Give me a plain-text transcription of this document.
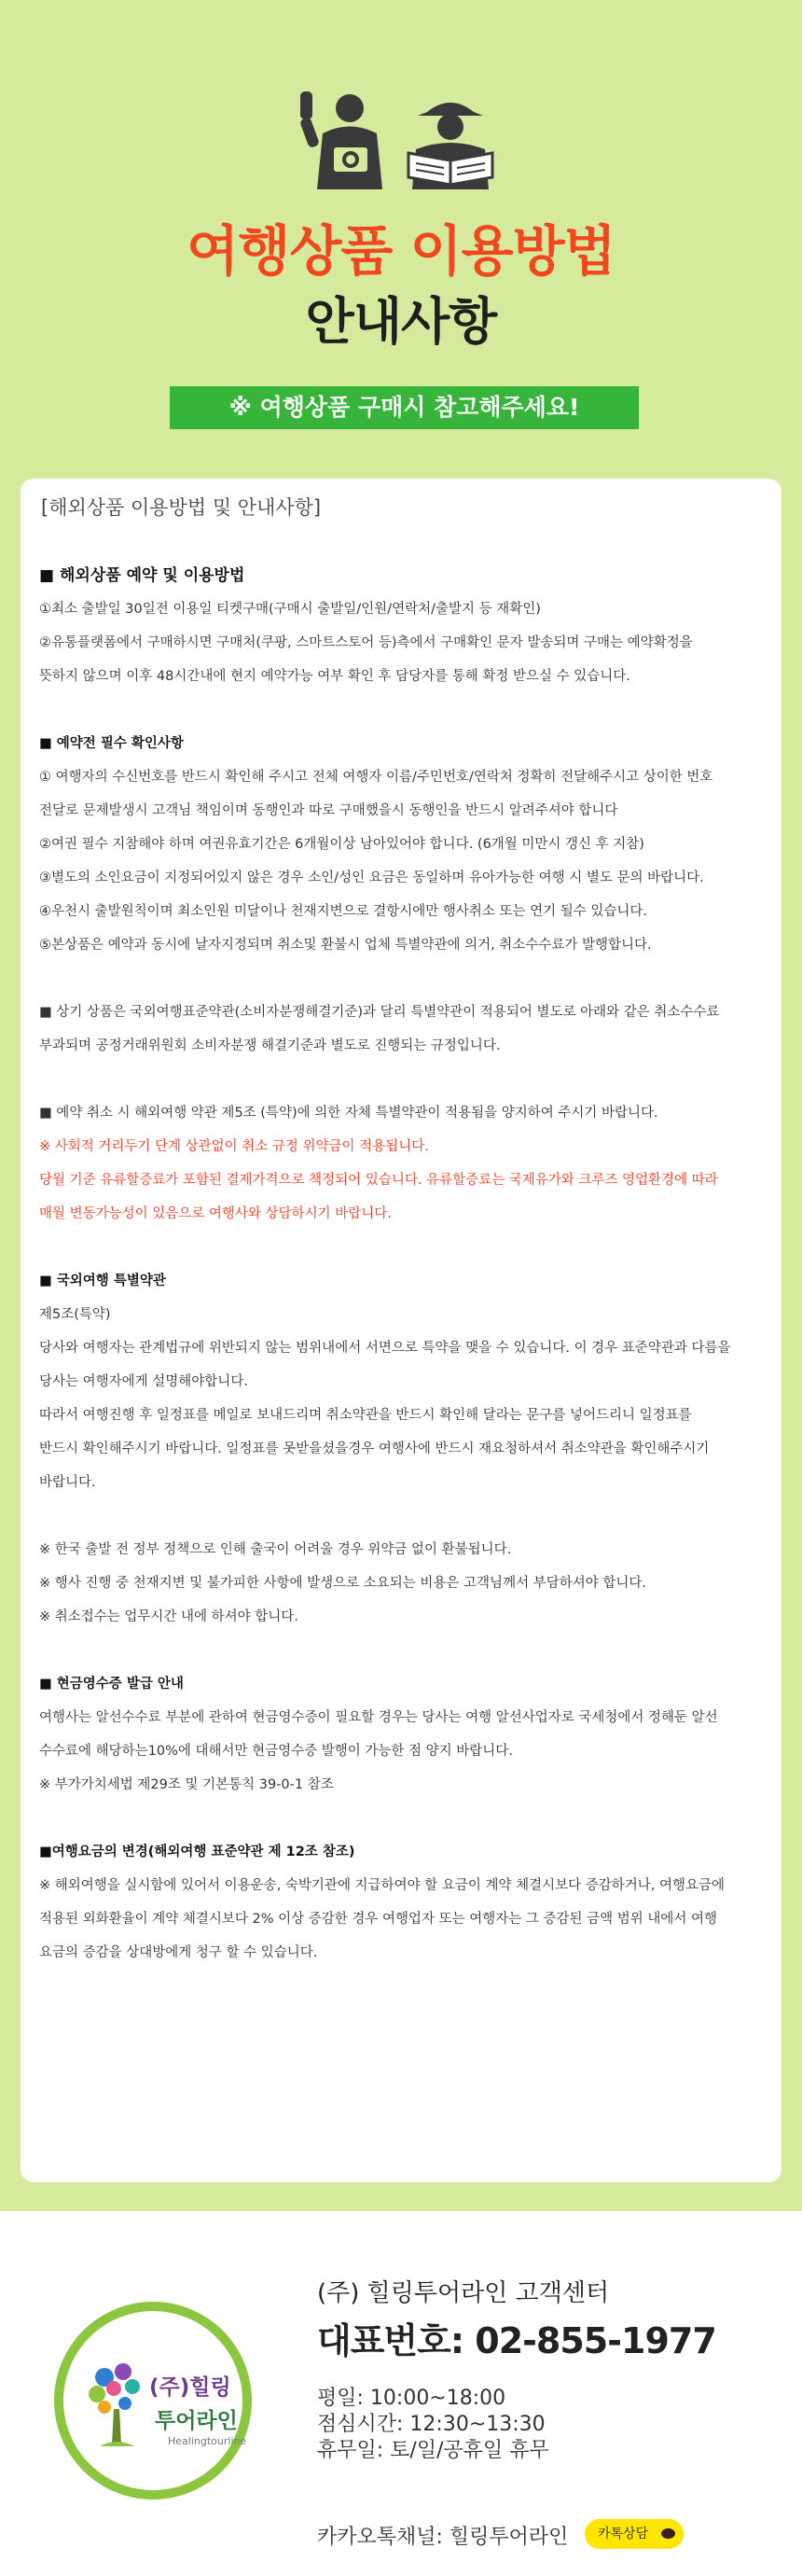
여행상품 이용방법
안내사항
※ 여행상품 구매시 참고해주세요!

[해외상품 이용방법 및 안내사항]

■ 해외상품 예약 및 이용방법

①최소 출발일 30일전 이용일 티켓구매(구매시 출발일/인원/연락처/출발지 등 재확인)

②유통플랫폼에서 구매하시면 구매처(쿠팡, 스마트스토어 등)측에서 구매확인 문자 발송되며 구매는 예약확정을

뜻하지 않으며 이후 48시간내에 현지 예약가능 여부 확인 후 담당자를 통해 확정 받으실 수 있습니다.

■ 예약전 필수 확인사항

① 여행자의 수신번호를 반드시 확인해 주시고 전체 여행자 이름/주민번호/연락처 정확히 전달해주시고 상이한 번호

전달로 문제발생시 고객님 책임이며 동행인과 따로 구매했을시 동행인을 반드시 알려주셔야 합니다

②여권 필수 지참해야 하며 여권유효기간은 6개월이상 남아있어야 합니다. (6개월 미만시 갱신 후 지참)

③별도의 소인요금이 지정되어있지 않은 경우 소인/성인 요금은 동일하며 유아가능한 여행 시 별도 문의 바랍니다.

④우천시 출발원칙이며 최소인원 미달이나 천재지변으로 결항시에만 행사취소 또는 연기 될수 있습니다.

⑤본상품은 예약과 동시에 날자지정되며 취소및 환불시 업체 특별약관에 의거, 취소수수료가 발행합니다.

■ 상기 상품은 국외여행표준약관(소비자분쟁해결기준)과 달리 특별약관이 적용되어 별도로 아래와 같은 취소수수료

부과되며 공정거래위원회 소비자분쟁 해결기준과 별도로 진행되는 규정입니다.

■ 예약 취소 시 해외여행 약관 제5조 (특약)에 의한 자체 특별약관이 적용됨을 양지하여 주시기 바랍니다.

※ 사회적 거리두기 단계 상관없이 취소 규정 위약금이 적용됩니다.

당월 기준 유류할증료가 포함된 결제가격으로 책정되어 있습니다. 유류할증료는 국제유가와 크루즈 영업환경에 따라

매월 변동가능성이 있음으로 여행사와 상담하시기 바랍니다.

■ 국외여행 특별약관

제5조(특약)

당사와 여행자는 관계법규에 위반되지 않는 범위내에서 서면으로 특약을 맺을 수 있습니다. 이 경우 표준약관과 다름을

당사는 여행자에게 설명해야합니다.

따라서 여행진행 후 일정표를 메일로 보내드리며 취소약관을 반드시 확인해 달라는 문구를 넣어드리니 일정표를

반드시 확인해주시기 바랍니다. 일정표를 못받을셨을경우 여행사에 반드시 재요청하셔서 취소약관을 확인해주시기

바랍니다.

※ 한국 출발 전 정부 정책으로 인해 출국이 어려울 경우 위약금 없이 환불됩니다.

※ 행사 진행 중 천재지변 및 불가피한 사항에 발생으로 소요되는 비용은 고객님께서 부담하셔야 합니다.

※ 취소접수는 업무시간 내에 하셔야 합니다.

■ 현금영수증 발급 안내

여행사는 알선수수료 부분에 관하여 현금영수증이 필요할 경우는 당사는 여행 알선사업자로 국세청에서 정해둔 알선

수수료에 해당하는10%에 대해서만 현금영수증 발행이 가능한 점 양지 바랍니다.

※ 부가가치세법 제29조 및 기본통칙 39-0-1 참조

■여행요금의 변경(해외여행 표준약관 제 12조 참조)

※ 해외여행을 실시함에 있어서 이용운송, 숙박기관에 지급하여야 할 요금이 계약 체결시보다 증감하거나, 여행요금에

적용된 외화환율이 계약 체결시보다 2% 이상 증감한 경우 여행업자 또는 여행자는 그 증감된 금액 범위 내에서 여행

요금의 증감을 상대방에게 청구 할 수 있습니다.

(주)힐링
투어라인
Healingtourline
(주) 힐링투어라인 고객센터
대표번호: 02-855-1977
평일: 10:00~18:00
점심시간: 12:30~13:30
휴무일: 토/일/공휴일 휴무
카카오톡채널: 힐링투어라인	카톡상담
